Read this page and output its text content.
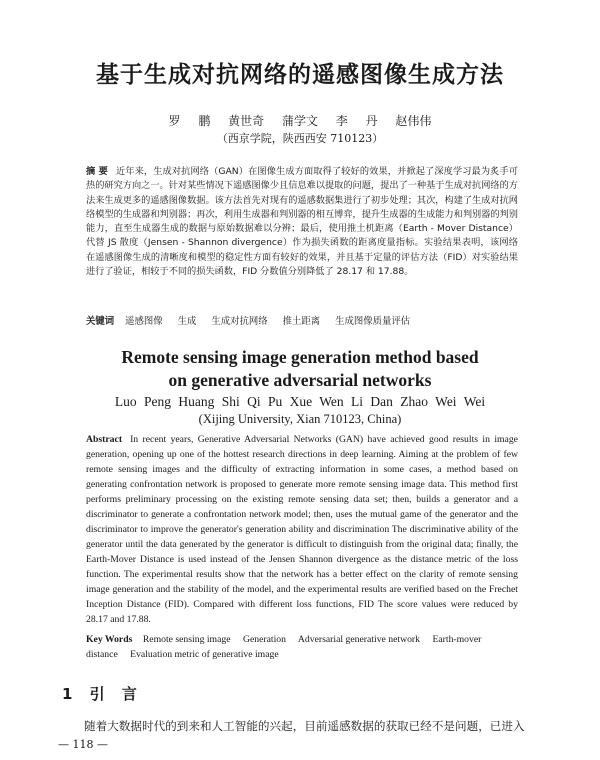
基于生成对抗网络的遥感图像生成方法
罗 鹏 黄世奇 蒲学文 李 丹 赵伟伟
（西京学院，陕西西安 710123）
摘 要 近年来，生成对抗网络（GAN）在图像生成方面取得了较好的效果，并掀起了深度学习最为炙手可热的研究方向之一。针对某些情况下遥感图像少且信息难以提取的问题，提出了一种基于生成对抗网络的方法来生成更多的遥感图像数据。该方法首先对现有的遥感数据集进行了初步处理；其次，构建了生成对抗网络模型的生成器和判别器；再次，利用生成器和判别器的相互博弈，提升生成器的生成能力和判别器的判别能力，直至生成器生成的数据与原始数据难以分辨；最后，使用推土机距离（Earth - Mover Distance）代替 JS 散度（Jensen - Shannon divergence）作为损失函数的距离度量指标。实验结果表明，该网络在遥感图像生成的清晰度和模型的稳定性方面有较好的效果，并且基于定量的评估方法（FID）对实验结果进行了验证，相较于不同的损失函数，FID 分数值分别降低了 28.17 和 17.88。
关键词 遥感图像 生成 生成对抗网络 推土距离 生成图像质量评估
Remote sensing image generation method based
on generative adversarial networks
Luo Peng Huang Shi Qi Pu Xue Wen Li Dan Zhao Wei Wei
(Xijing University, Xian 710123, China)
Abstract In recent years, Generative Adversarial Networks (GAN) have achieved good results in image generation, opening up one of the hottest research directions in deep learning. Aiming at the problem of few remote sensing images and the difficulty of extracting information in some cases, a method based on generating confrontation network is proposed to generate more remote sensing image data. This method first performs preliminary processing on the existing remote sensing data set; then, builds a generator and a discriminator to generate a confrontation network model; then, uses the mutual game of the generator and the discriminator to improve the generator's generation ability and discrimination The discriminative ability of the generator until the data generated by the generator is difficult to distinguish from the original data; finally, the Earth-Mover Distance is used instead of the Jensen Shannon divergence as the distance metric of the loss function. The experimental results show that the network has a better effect on the clarity of remote sensing image generation and the stability of the model, and the experimental results are verified based on the Frechet Inception Distance (FID). Compared with different loss functions, FID The score values were reduced by 28.17 and 17.88.
Key Words Remote sensing image Generation Adversarial generative network Earth-mover distance Evaluation metric of generative image
1 引 言
随着大数据时代的到来和人工智能的兴起，目前遥感数据的获取已经不是问题，已进入
— 118 —
